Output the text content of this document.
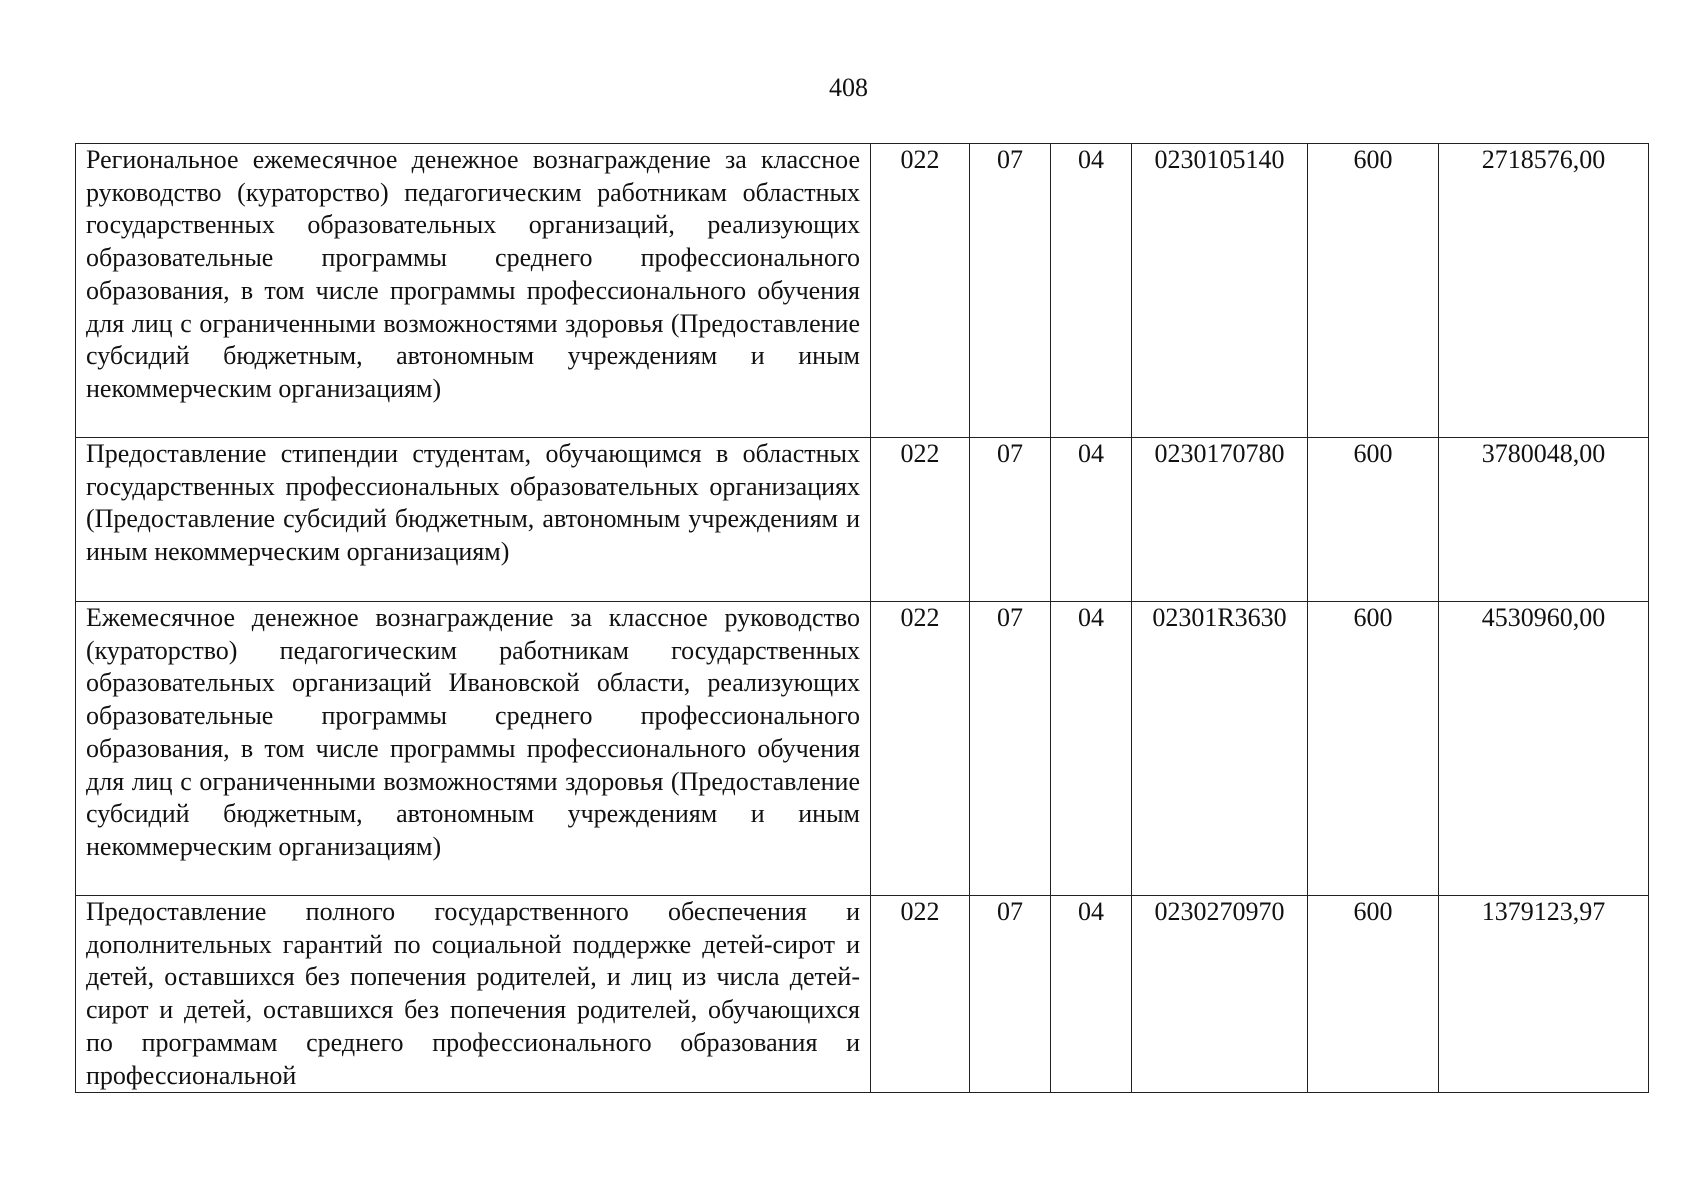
408
Региональное ежемесячное денежное вознаграждение за классное руководство (кураторство) педагогическим работникам областных государственных образовательных организаций, реализующих образовательные программы среднего профессионального образования, в том числе программы профессионального обучения для лиц с ограниченными возможностями здоровья (Предоставление субсидий бюджетным, автономным учреждениям и иным некоммерческим организациям)	022	07	04	0230105140	600	2718576,00
Предоставление стипендии студентам, обучающимся в областных государственных профессиональных образовательных организациях (Предоставление субсидий бюджетным, автономным учреждениям и иным некоммерческим организациям)	022	07	04	0230170780	600	3780048,00
Ежемесячное денежное вознаграждение за классное руководство (кураторство) педагогическим работникам государственных образовательных организаций Ивановской области, реализующих образовательные программы среднего профессионального образования, в том числе программы профессионального обучения для лиц с ограниченными возможностями здоровья (Предоставление субсидий бюджетным, автономным учреждениям и иным некоммерческим организациям)	022	07	04	02301R3630	600	4530960,00

Предоставление полного государственного обеспечения и дополнительных гарантий по социальной поддержке детей-сирот и детей, оставшихся без попечения родителей, и лиц из числа детей-сирот и детей, оставшихся без попечения родителей, обучающихся по программам среднего профессионального образования и профессиональной	022	07	04	0230270970	600	1379123,97
